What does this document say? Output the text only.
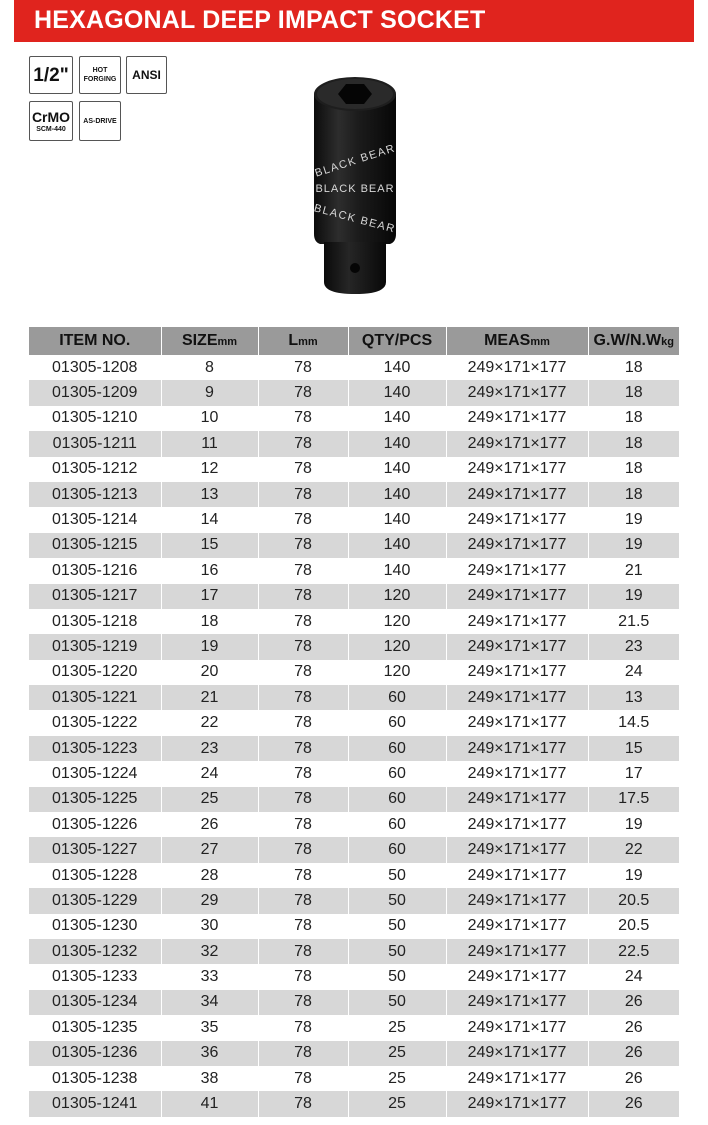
HEXAGONAL DEEP IMPACT SOCKET
1/2"	HOT
FORGING ANSI
CrMO
SCM-440
AS-DRIVE
BLACK BEAR
BLACK BEAR
BLACK BEAR
ITEM NO.	SIZEmm	Lmm	QTY/PCS	MEASmm	G.W/N.Wkg
01305-1208	8	78	140	249×171×177	18
01305-1209	9	78	140	249×171×177	18
01305-1210	10	78	140	249×171×177	18
01305-1211	11	78	140	249×171×177	18
01305-1212	12	78	140	249×171×177	18
01305-1213	13	78	140	249×171×177	18
01305-1214	14	78	140	249×171×177	19
01305-1215	15	78	140	249×171×177	19
01305-1216	16	78	140	249×171×177	21
01305-1217	17	78	120	249×171×177	19
01305-1218	18	78	120	249×171×177	21.5
01305-1219	19	78	120	249×171×177	23
01305-1220	20	78	120	249×171×177	24
01305-1221	21	78	60	249×171×177	13
01305-1222	22	78	60	249×171×177	14.5
01305-1223	23	78	60	249×171×177	15
01305-1224	24	78	60	249×171×177	17
01305-1225	25	78	60	249×171×177	17.5
01305-1226	26	78	60	249×171×177	19
01305-1227	27	78	60	249×171×177	22
01305-1228	28	78	50	249×171×177	19
01305-1229	29	78	50	249×171×177	20.5
01305-1230	30	78	50	249×171×177	20.5
01305-1232	32	78	50	249×171×177	22.5
01305-1233	33	78	50	249×171×177	24
01305-1234	34	78	50	249×171×177	26
01305-1235	35	78	25	249×171×177	26
01305-1236	36	78	25	249×171×177	26
01305-1238	38	78	25	249×171×177	26
01305-1241	41	78	25	249×171×177	26
